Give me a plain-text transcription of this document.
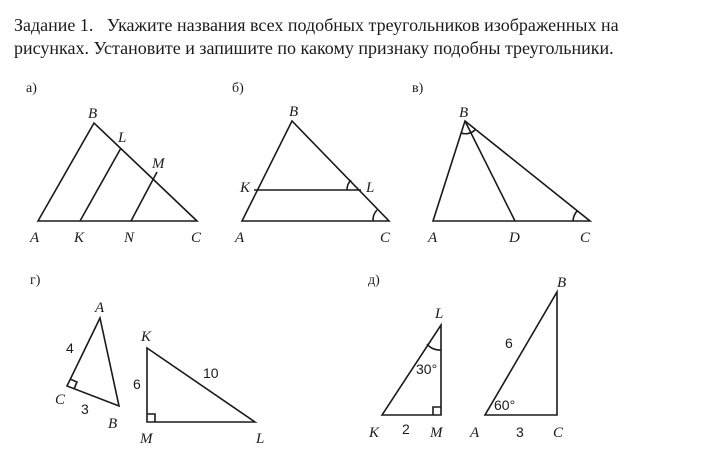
Задание 1. Укажите названия всех подобных треугольников изображенных на
рисунках. Установите и запишите по какому признаку подобны треугольники.

а)
B
L
M
A K	N	C
б)
B
K	L
A	C
в)
B
A	D	C
г)
A
C
B
4
3
K
M	L
6
10
д)
L
K	M
2
30°
B
A	C
6
3
60°
